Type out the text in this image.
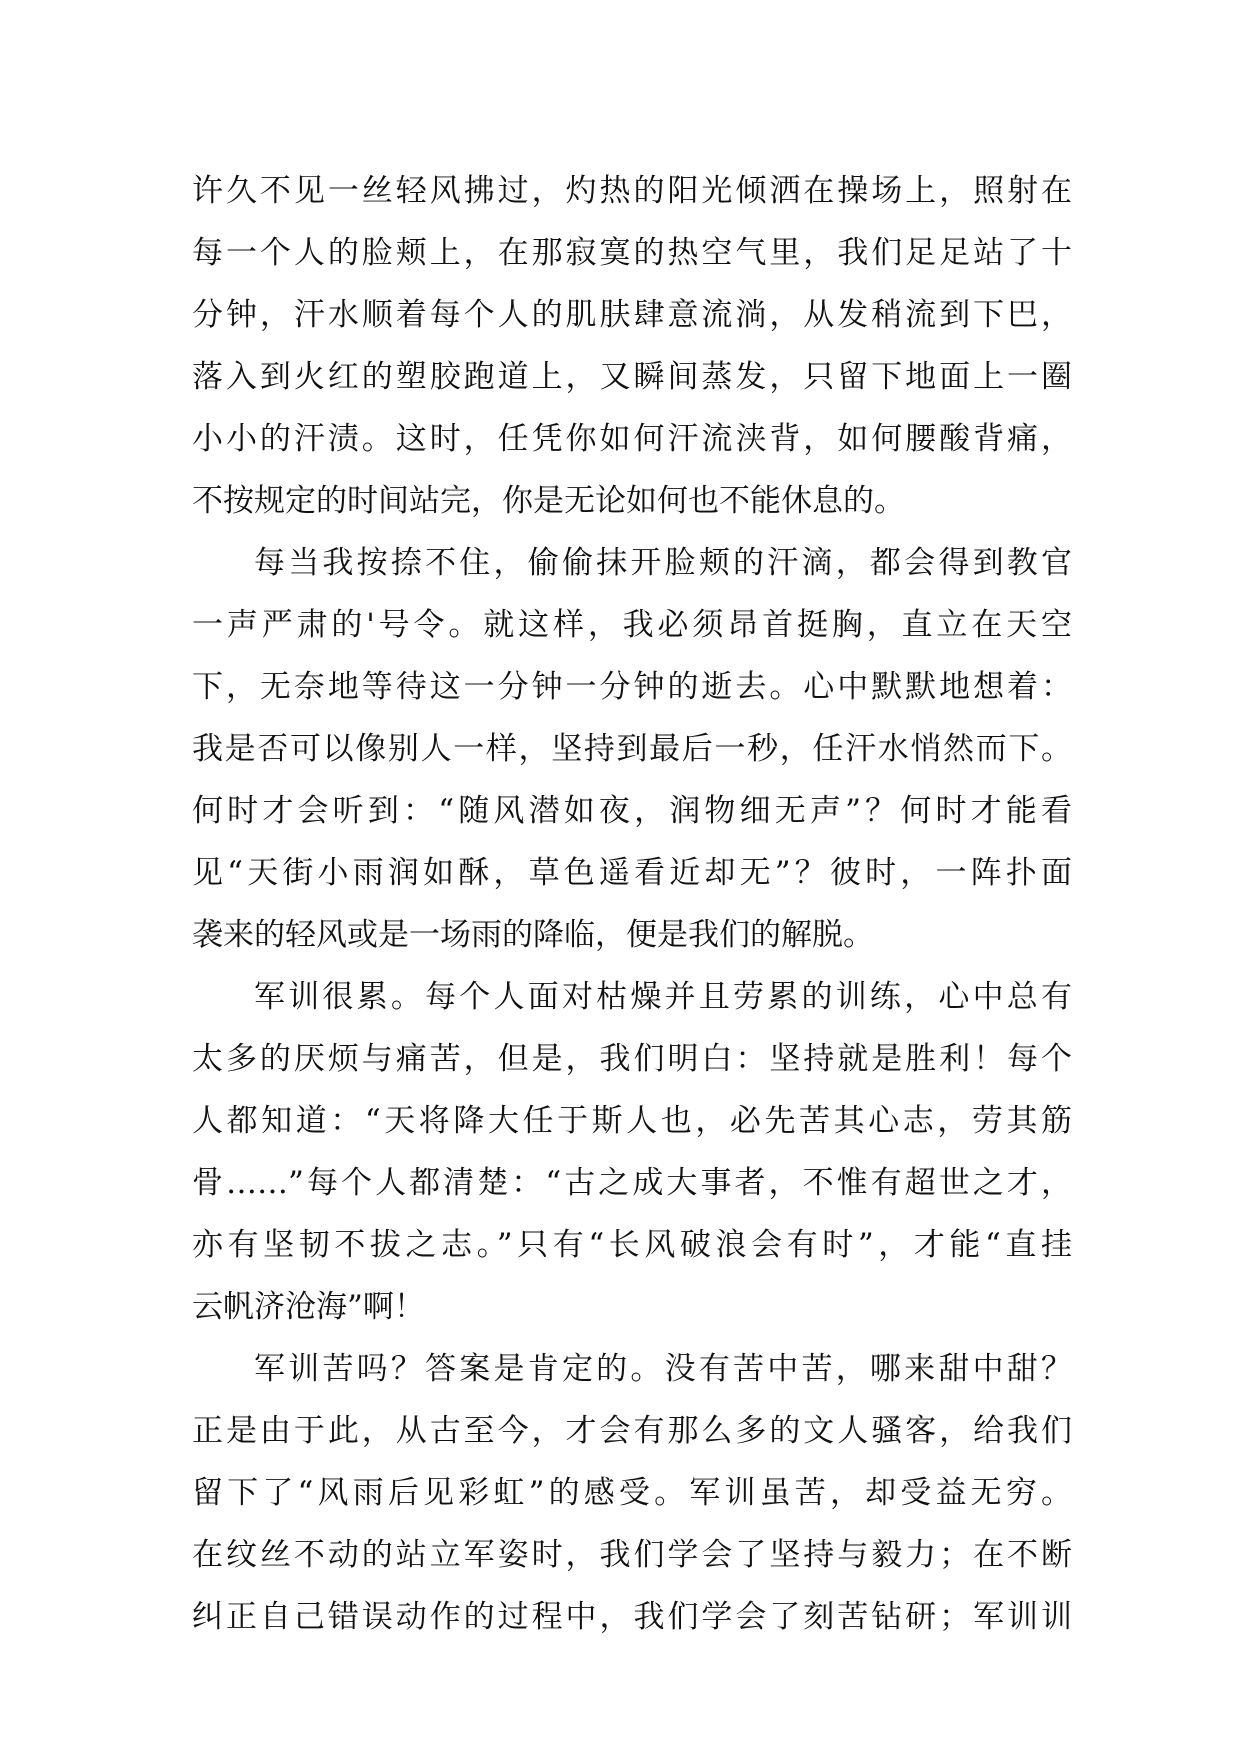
许久不见一丝轻风拂过，灼热的阳光倾洒在操场上，照射在
每一个人的脸颊上，在那寂寞的热空气里，我们足足站了十
分钟，汗水顺着每个人的肌肤肆意流淌，从发稍流到下巴，
落入到火红的塑胶跑道上，又瞬间蒸发，只留下地面上一圈
小小的汗渍。这时，任凭你如何汗流浃背，如何腰酸背痛，
不按规定的时间站完，你是无论如何也不能休息的。
每当我按捺不住，偷偷抹开脸颊的汗滴，都会得到教官
一声严肃的'号令。就这样，我必须昂首挺胸，直立在天空
下，无奈地等待这一分钟一分钟的逝去。心中默默地想着：
我是否可以像别人一样，坚持到最后一秒，任汗水悄然而下。
何时才会听到：“随风潜如夜，润物细无声”？何时才能看
见“天街小雨润如酥，草色遥看近却无”？彼时，一阵扑面
袭来的轻风或是一场雨的降临，便是我们的解脱。
军训很累。每个人面对枯燥并且劳累的训练，心中总有
太多的厌烦与痛苦，但是，我们明白：坚持就是胜利！每个
人都知道：“天将降大任于斯人也，必先苦其心志，劳其筋
骨……”每个人都清楚：“古之成大事者，不惟有超世之才，
亦有坚韧不拔之志。”只有“长风破浪会有时”，才能“直挂
云帆济沧海”啊！
军训苦吗？答案是肯定的。没有苦中苦，哪来甜中甜？
正是由于此，从古至今，才会有那么多的文人骚客，给我们
留下了“风雨后见彩虹”的感受。军训虽苦，却受益无穷。
在纹丝不动的站立军姿时，我们学会了坚持与毅力；在不断
纠正自己错误动作的过程中，我们学会了刻苦钻研；军训训
